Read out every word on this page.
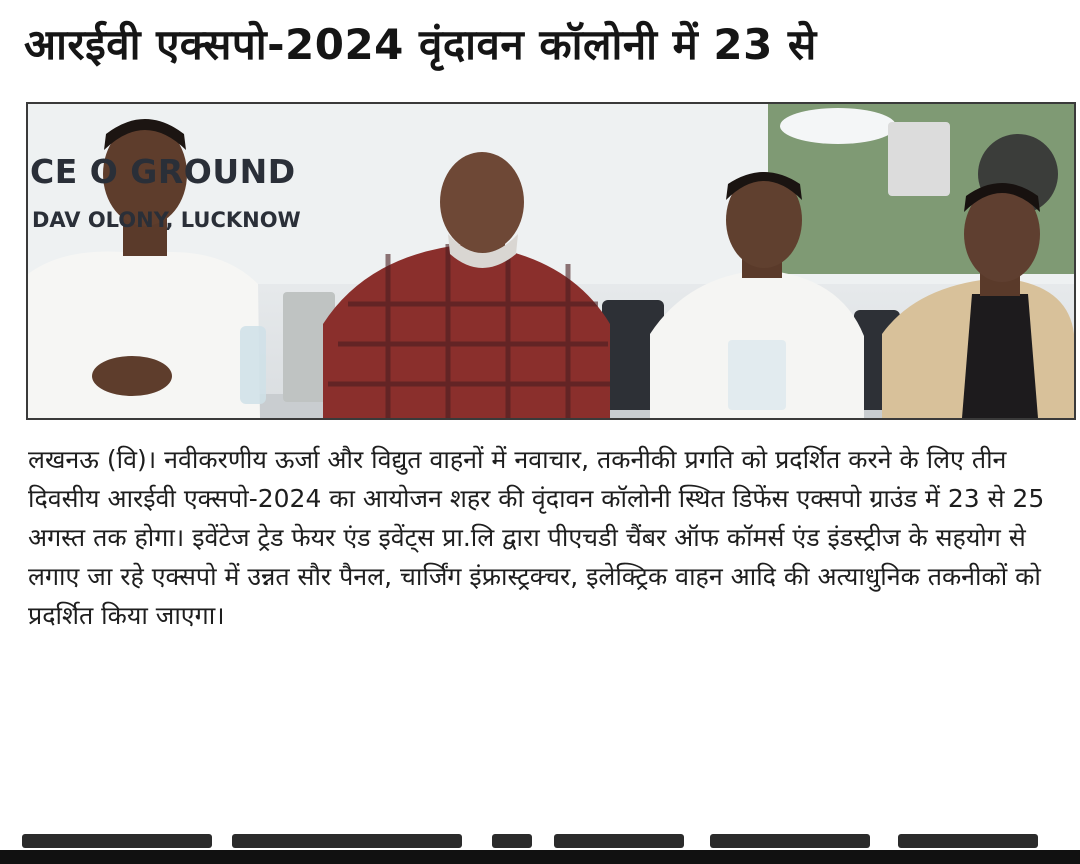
आरईवी एक्सपो-2024 वृंदावन कॉलोनी में 23 से
CE O GROUND
DAV OLONY, LUCKNOW

लखनऊ (वि)। नवीकरणीय ऊर्जा और विद्युत वाहनों में नवाचार, तकनीकी प्रगति को प्रदर्शित करने के लिए तीन दिवसीय आरईवी एक्सपो-2024 का आयोजन शहर की वृंदावन कॉलोनी स्थित डिफेंस एक्सपो ग्राउंड में 23 से 25 अगस्त तक होगा। इवेंटेज ट्रेड फेयर एंड इवेंट्स प्रा.लि द्वारा पीएचडी चैंबर ऑफ कॉमर्स एंड इंडस्ट्रीज के सहयोग से लगाए जा रहे एक्सपो में उन्नत सौर पैनल, चार्जिंग इंफ्रास्ट्रक्चर, इलेक्ट्रिक वाहन आदि की अत्याधुनिक तकनीकों को प्रदर्शित किया जाएगा।
